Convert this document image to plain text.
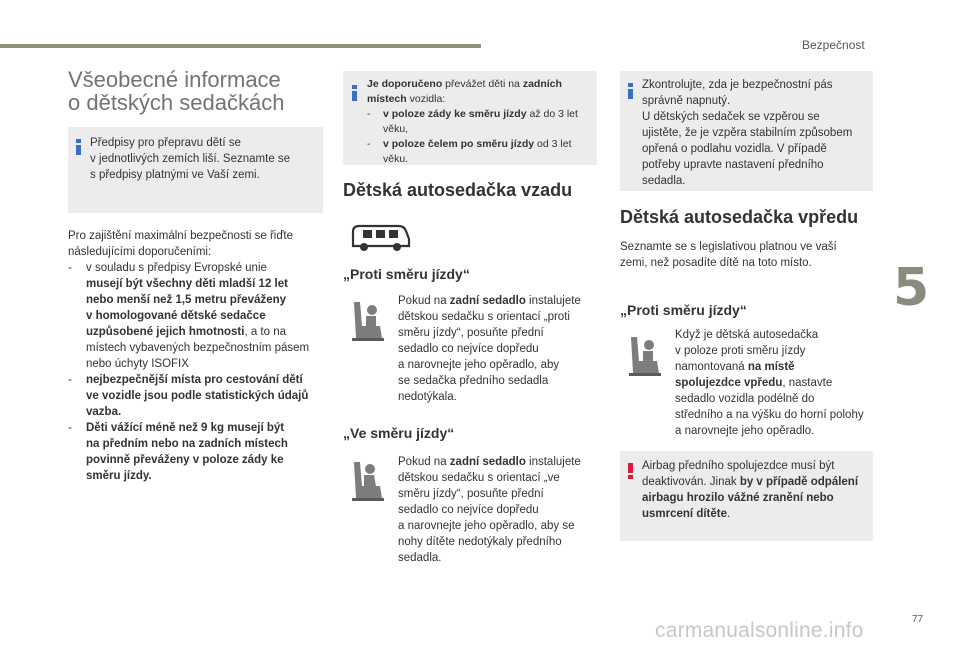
Bezpečnost
5
Všeobecné informace
o dětských sedačkách
Předpisy pro přepravu dětí se
v jednotlivých zemích liší. Seznamte se
s předpisy platnými ve Vaší zemi.
Pro zajištění maximální bezpečnosti se řiďte
následujícími doporučeními:
-	v souladu s předpisy Evropské unie
musejí být všechny děti mladší 12 let
nebo menší než 1,5 metru převáženy
v homologované dětské sedačce
uzpůsobené jejich hmotnosti, a to na
místech vybavených bezpečnostním pásem
nebo úchyty ISOFIX
-	nejbezpečnější místa pro cestování dětí
ve vozidle jsou podle statistických údajů
vazba.
-	Děti vážící méně než 9 kg musejí být
na předním nebo na zadních místech
povinně převáženy v poloze zády ke
směru jízdy.
Je doporučeno převážet děti na zadních
místech vozidla:
-	v poloze zády ke směru jízdy až do 3 let
věku,
-	v poloze čelem po směru jízdy od 3 let věku.
Dětská autosedačka vzadu
„Proti směru jízdy“
Pokud na zadní sedadlo instalujete
dětskou sedačku s orientací „proti
směru jízdy“, posuňte přední
sedadlo co nejvíce dopředu
a narovnejte jeho opěradlo, aby
se sedačka předního sedadla
nedotýkala.
„Ve směru jízdy“
Pokud na zadní sedadlo instalujete
dětskou sedačku s orientací „ve
směru jízdy“, posuňte přední
sedadlo co nejvíce dopředu
a narovnejte jeho opěradlo, aby se
nohy dítěte nedotýkaly předního
sedadla.
Zkontrolujte, zda je bezpečnostní pás
správně napnutý.
U dětských sedaček se vzpěrou se
ujistěte, že je vzpěra stabilním způsobem
opřená o podlahu vozidla. V případě
potřeby upravte nastavení předního
sedadla.
Dětská autosedačka vpředu
Seznamte se s legislativou platnou ve vaší
zemi, než posadíte dítě na toto místo.
„Proti směru jízdy“
Když je dětská autosedačka
v poloze proti směru jízdy
namontovaná na místě
spolujezdce vpředu, nastavte
sedadlo vozidla podélně do
středního a na výšku do horní polohy
a narovnejte jeho opěradlo.
Airbag předního spolujezdce musí být
deaktivován. Jinak by v případě odpálení
airbagu hrozilo vážné zranění nebo
usmrcení dítěte.
77
carmanualsonline.info
